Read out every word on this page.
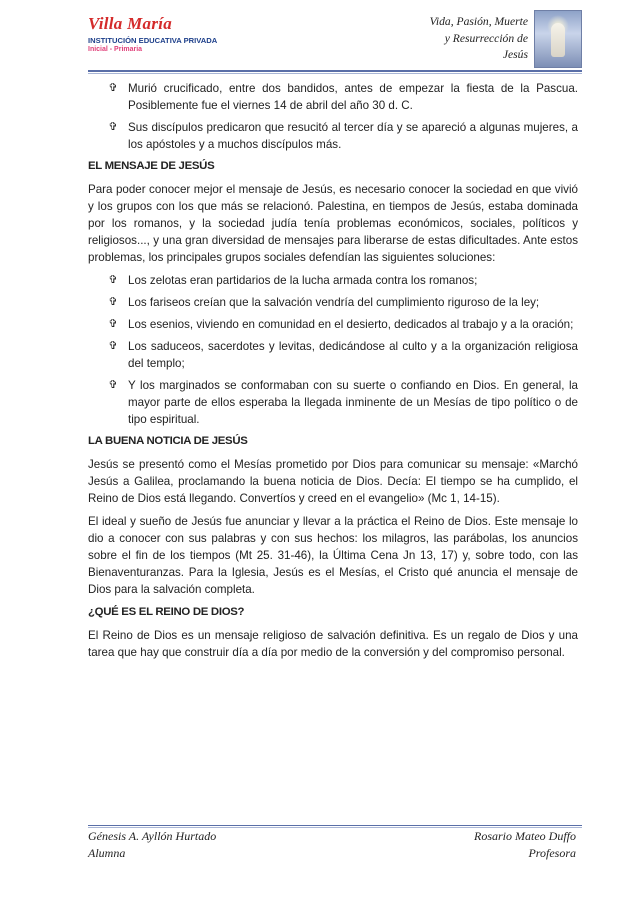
Villa María
INSTITUCIÓN EDUCATIVA PRIVADA
Inicial - Primaria
Vida, Pasión, Muerte
y Resurrección de
Jesús
✞ Murió crucificado, entre dos bandidos, antes de empezar la fiesta de la Pascua. Posiblemente fue el viernes 14 de abril del año 30 d. C.
✞ Sus discípulos predicaron que resucitó al tercer día y se apareció a algunas mujeres, a los apóstoles y a muchos discípulos más.
EL MENSAJE DE JESÚS
Para poder conocer mejor el mensaje de Jesús, es necesario conocer la sociedad en que vivió y los grupos con los que más se relacionó. Palestina, en tiempos de Jesús, estaba dominada por los romanos, y la sociedad judía tenía problemas económicos, sociales, políticos y religiosos..., y una gran diversidad de mensajes para liberarse de estas dificultades. Ante estos problemas, los principales grupos sociales defendían las siguientes soluciones:
✞ Los zelotas eran partidarios de la lucha armada contra los romanos;
✞ Los fariseos creían que la salvación vendría del cumplimiento riguroso de la ley;
✞ Los esenios, viviendo en comunidad en el desierto, dedicados al trabajo y a la oración;
✞ Los saduceos, sacerdotes y levitas, dedicándose al culto y a la organización religiosa del templo;
✞ Y los marginados se conformaban con su suerte o confiando en Dios. En general, la mayor parte de ellos esperaba la llegada inminente de un Mesías de tipo político o de tipo espiritual.
LA BUENA NOTICIA DE JESÚS
Jesús se presentó como el Mesías prometido por Dios para comunicar su mensaje: «Marchó Jesús a Galilea, proclamando la buena noticia de Dios. Decía: El tiempo se ha cumplido, el Reino de Dios está llegando. Convertíos y creed en el evangelio» (Mc 1, 14-15).
El ideal y sueño de Jesús fue anunciar y llevar a la práctica el Reino de Dios. Este mensaje lo dio a conocer con sus palabras y con sus hechos: los milagros, las parábolas, los anuncios sobre el fin de los tiempos (Mt 25. 31-46), la Última Cena Jn 13, 17) y, sobre todo, con las Bienaventuranzas. Para la Iglesia, Jesús es el Mesías, el Cristo qué anuncia el mensaje de Dios para la salvación completa.
¿QUÉ ES EL REINO DE DIOS?
El Reino de Dios es un mensaje religioso de salvación definitiva. Es un regalo de Dios y una tarea que hay que construir día a día por medio de la conversión y del compromiso personal.
Génesis A. Ayllón Hurtado
Alumna
Rosario Mateo Duffo
Profesora
